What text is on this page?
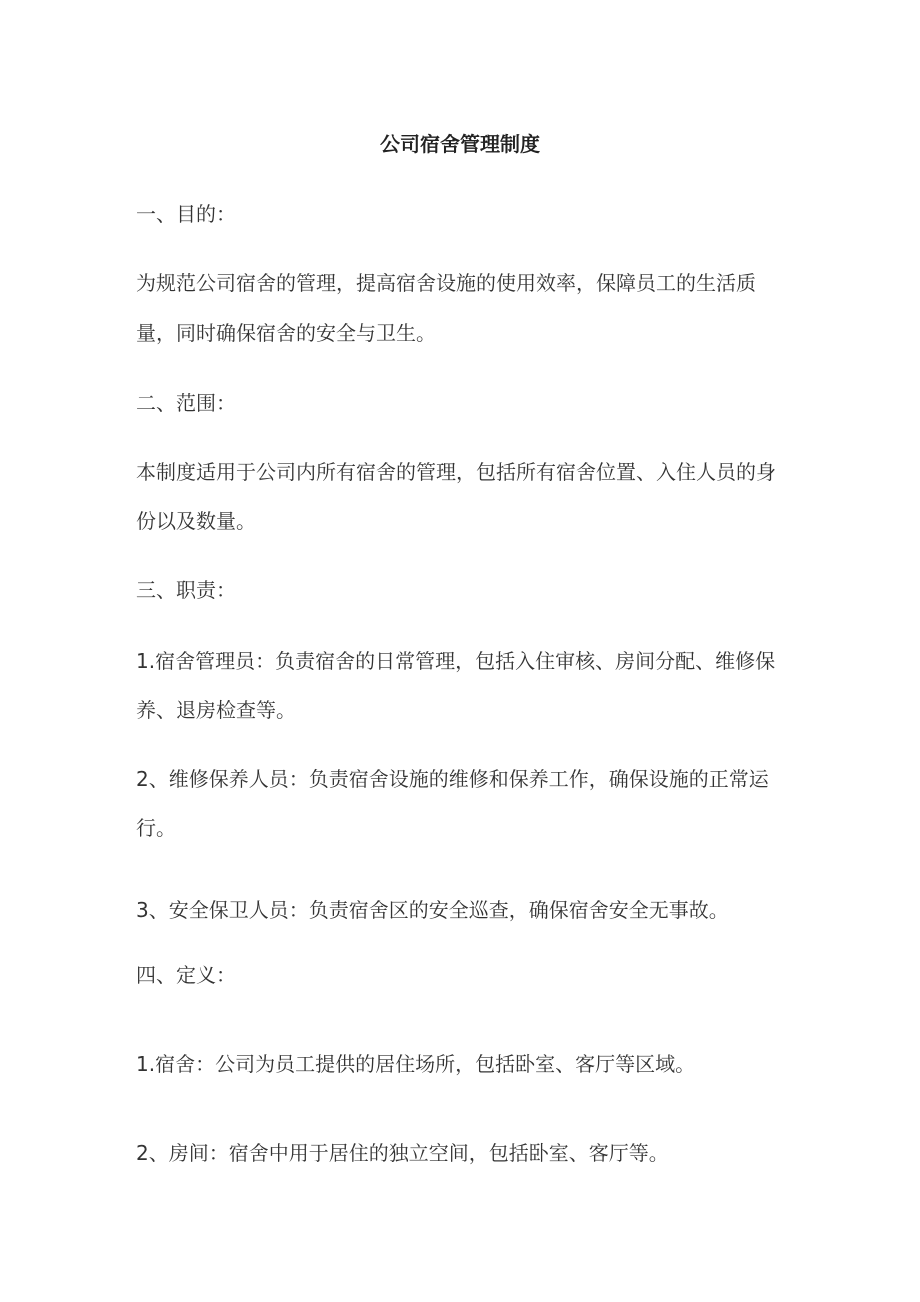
公司宿舍管理制度
一、目的：
为规范公司宿舍的管理，提高宿舍设施的使用效率，保障员工的生活质
量，同时确保宿舍的安全与卫生。
二、范围：
本制度适用于公司内所有宿舍的管理，包括所有宿舍位置、入住人员的身
份以及数量。
三、职责：
1.宿舍管理员：负责宿舍的日常管理，包括入住审核、房间分配、维修保
养、退房检查等。
2、维修保养人员：负责宿舍设施的维修和保养工作，确保设施的正常运
行。
3、安全保卫人员：负责宿舍区的安全巡查，确保宿舍安全无事故。
四、定义：
1.宿舍：公司为员工提供的居住场所，包括卧室、客厅等区域。
2、房间：宿舍中用于居住的独立空间，包括卧室、客厅等。
